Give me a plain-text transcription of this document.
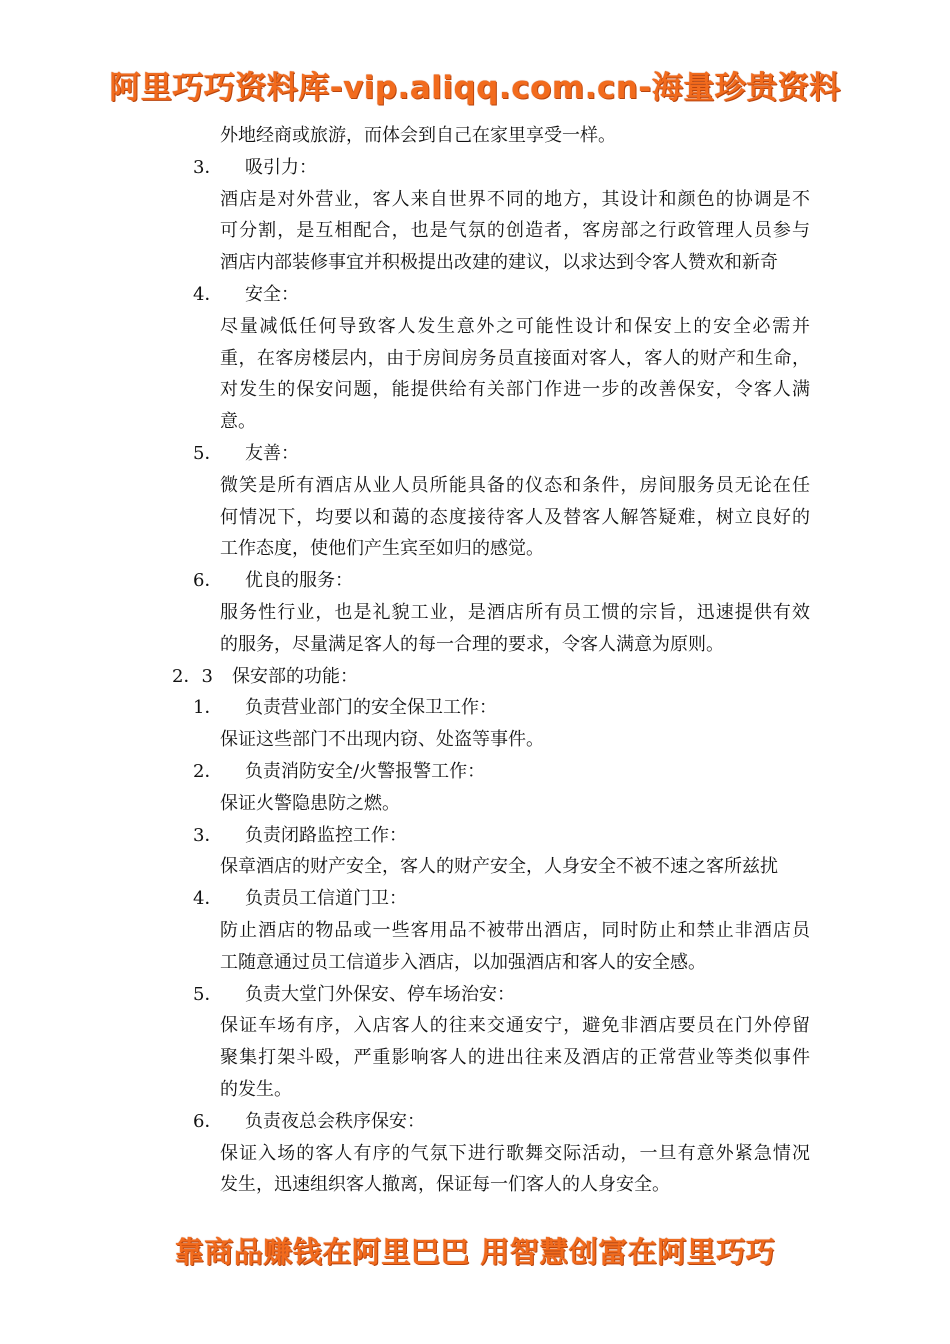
阿里巧巧资料库-vip.aliqq.com.cn-海量珍贵资料
外地经商或旅游，而体会到自己在家里享受一样。
3． 吸引力：
酒店是对外营业，客人来自世界不同的地方，其设计和颜色的协调是不
可分割，是互相配合，也是气氛的创造者，客房部之行政管理人员参与
酒店内部装修事宜并积极提出改建的建议，以求达到令客人赞欢和新奇
4． 安全：
尽量减低任何导致客人发生意外之可能性设计和保安上的安全必需并
重，在客房楼层内，由于房间房务员直接面对客人，客人的财产和生命，
对发生的保安问题，能提供给有关部门作进一步的改善保安，令客人满
意。
5． 友善：
微笑是所有酒店从业人员所能具备的仪态和条件，房间服务员无论在任
何情况下，均要以和蔼的态度接待客人及替客人解答疑难，树立良好的
工作态度，使他们产生宾至如归的感觉。
6． 优良的服务：
服务性行业，也是礼貌工业，是酒店所有员工惯的宗旨，迅速提供有效
的服务，尽量满足客人的每一合理的要求，令客人满意为原则。
2．3 保安部的功能：
1． 负责营业部门的安全保卫工作：
保证这些部门不出现内窃、处盗等事件。
2． 负责消防安全/火警报警工作：
保证火警隐患防之燃。
3． 负责闭路监控工作：
保章酒店的财产安全，客人的财产安全，人身安全不被不速之客所兹扰
4． 负责员工信道门卫：
防止酒店的物品或一些客用品不被带出酒店，同时防止和禁止非酒店员
工随意通过员工信道步入酒店，以加强酒店和客人的安全感。
5． 负责大堂门外保安、停车场治安：
保证车场有序，入店客人的往来交通安宁，避免非酒店要员在门外停留
聚集打架斗殴，严重影响客人的进出往来及酒店的正常营业等类似事件
的发生。
6． 负责夜总会秩序保安：
保证入场的客人有序的气氛下进行歌舞交际活动，一旦有意外紧急情况
发生，迅速组织客人撤离，保证每一们客人的人身安全。
靠商品赚钱在阿里巴巴 用智慧创富在阿里巧巧
